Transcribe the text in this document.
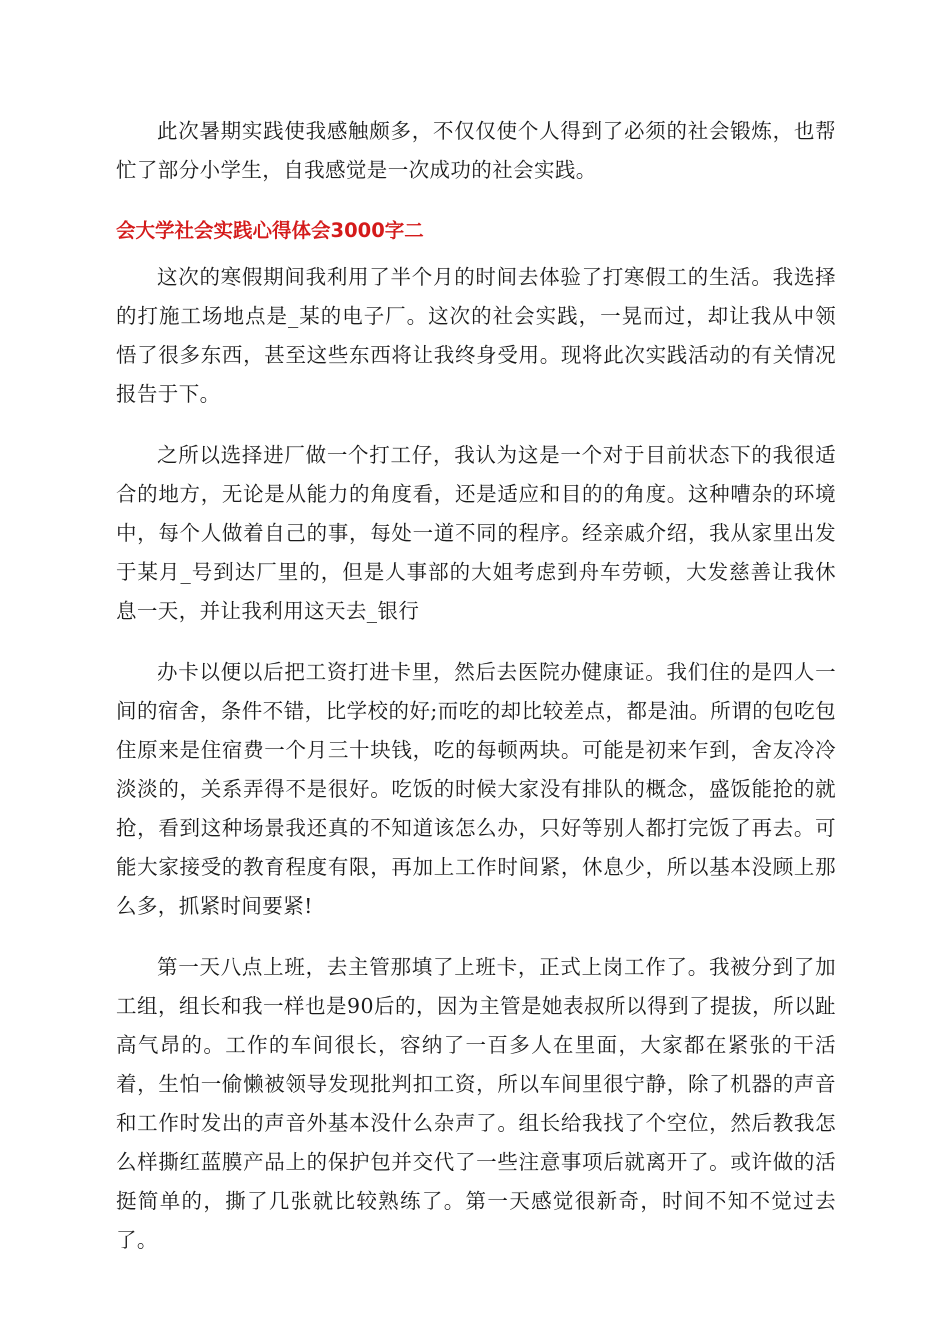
此次暑期实践使我感触颇多，不仅仅使个人得到了必须的社会锻炼，也帮忙了部分小学生，自我感觉是一次成功的社会实践。

会大学社会实践心得体会3000字二

这次的寒假期间我利用了半个月的时间去体验了打寒假工的生活。我选择的打施工场地点是_某的电子厂。这次的社会实践，一晃而过，却让我从中领悟了很多东西，甚至这些东西将让我终身受用。现将此次实践活动的有关情况报告于下。

之所以选择进厂做一个打工仔，我认为这是一个对于目前状态下的我很适合的地方，无论是从能力的角度看，还是适应和目的的角度。这种嘈杂的环境中，每个人做着自己的事，每处一道不同的程序。经亲戚介绍，我从家里出发于某月_号到达厂里的，但是人事部的大姐考虑到舟车劳顿，大发慈善让我休息一天，并让我利用这天去_银行

办卡以便以后把工资打进卡里，然后去医院办健康证。我们住的是四人一间的宿舍，条件不错，比学校的好;而吃的却比较差点，都是油。所谓的包吃包住原来是住宿费一个月三十块钱，吃的每顿两块。可能是初来乍到，舍友冷冷淡淡的，关系弄得不是很好。吃饭的时候大家没有排队的概念，盛饭能抢的就抢，看到这种场景我还真的不知道该怎么办，只好等别人都打完饭了再去。可能大家接受的教育程度有限，再加上工作时间紧，休息少，所以基本没顾上那么多，抓紧时间要紧!

第一天八点上班，去主管那填了上班卡，正式上岗工作了。我被分到了加工组，组长和我一样也是90后的，因为主管是她表叔所以得到了提拔，所以趾高气昂的。工作的车间很长，容纳了一百多人在里面，大家都在紧张的干活着，生怕一偷懒被领导发现批判扣工资，所以车间里很宁静，除了机器的声音和工作时发出的声音外基本没什么杂声了。组长给我找了个空位，然后教我怎么样撕红蓝膜产品上的保护包并交代了一些注意事项后就离开了。或许做的活挺简单的，撕了几张就比较熟练了。第一天感觉很新奇，时间不知不觉过去了。
